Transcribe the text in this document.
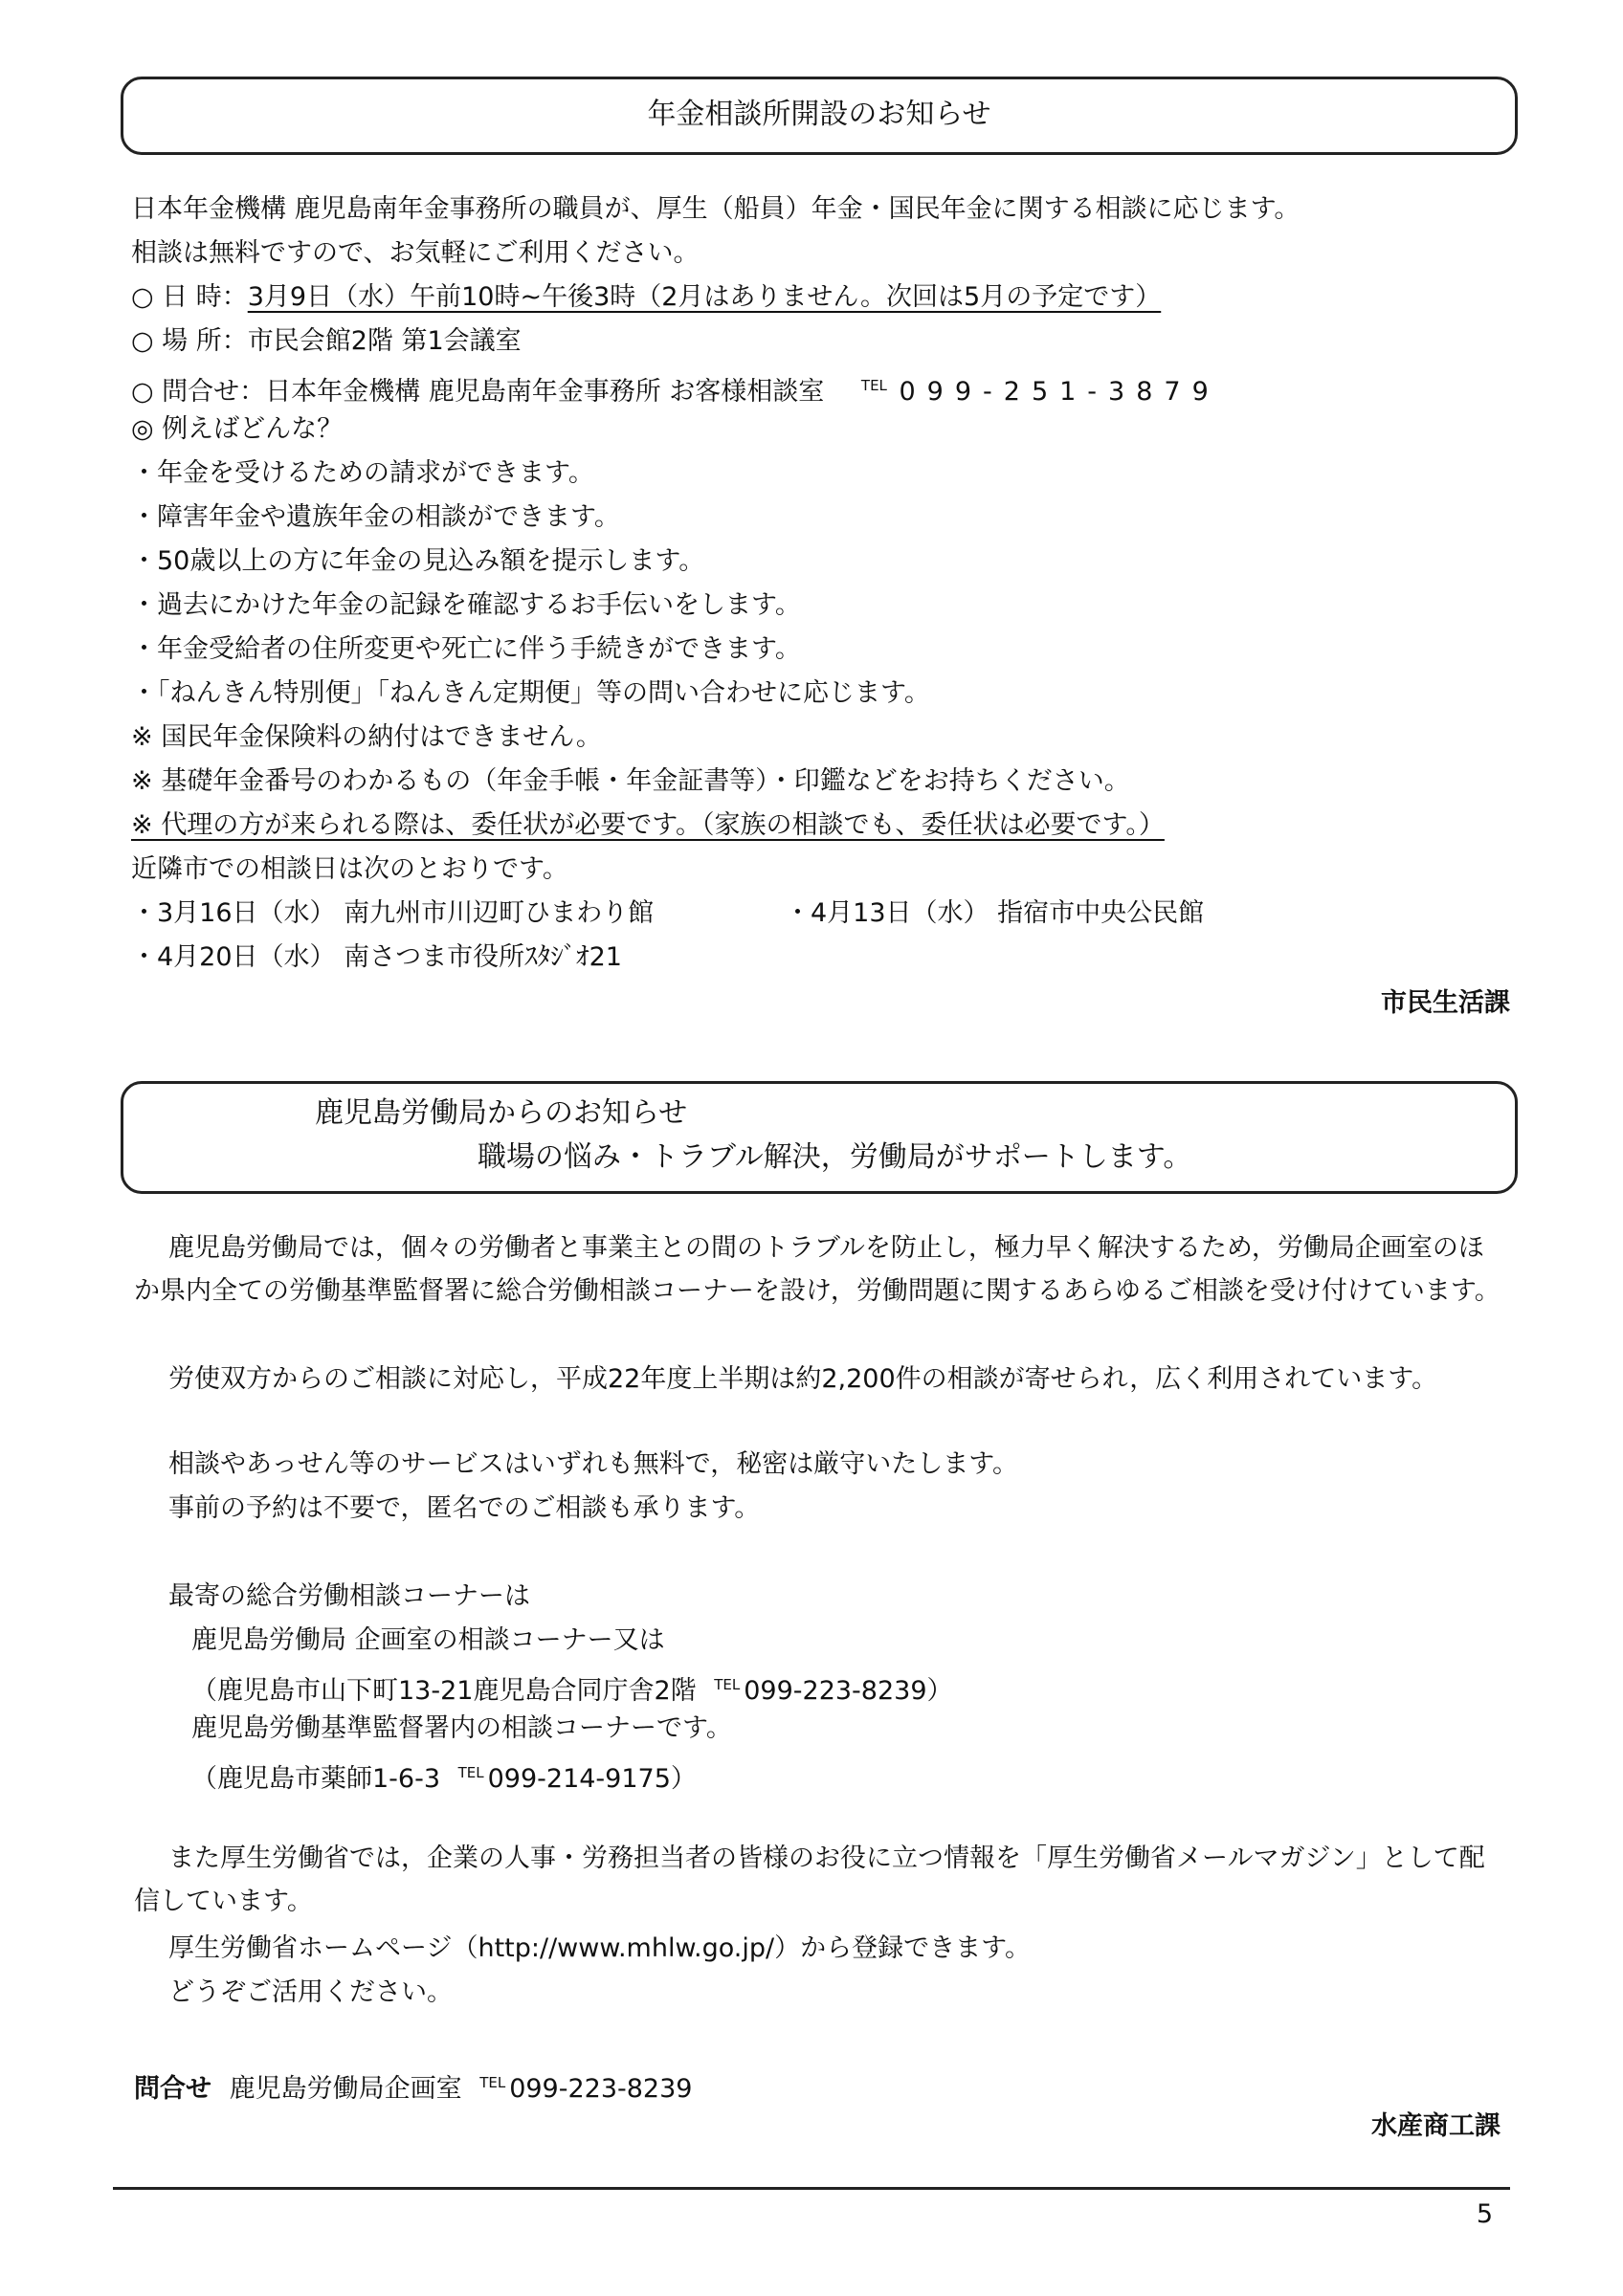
年金相談所開設のお知らせ
日本年金機構 鹿児島南年金事務所の職員が、厚生（船員）年金・国民年金に関する相談に応じます。
相談は無料ですので、お気軽にご利用ください。
○ 日 時：3月9日（水）午前10時~午後3時（2月はありません。次回は5月の予定です）
○ 場 所：市民会館2階 第1会議室
○ 問合せ：日本年金機構 鹿児島南年金事務所 お客様相談室	$^{TEL}$ 099-251-3879
◎ 例えばどんな？
・年金を受けるための請求ができます。
・障害年金や遺族年金の相談ができます。
・50歳以上の方に年金の見込み額を提示します。
・過去にかけた年金の記録を確認するお手伝いをします。
・年金受給者の住所変更や死亡に伴う手続きができます。
・「ねんきん特別便」「ねんきん定期便」等の問い合わせに応じます。
※ 国民年金保険料の納付はできません。
※ 基礎年金番号のわかるもの（年金手帳・年金証書等）・印鑑などをお持ちください。
※ 代理の方が来られる際は、委任状が必要です。（家族の相談でも、委任状は必要です。）
近隣市での相談日は次のとおりです。
・3月16日（水） 南九州市川辺町ひまわり館	・4月13日（水） 指宿市中央公民館
・4月20日（水） 南さつま市役所ｽﾀｼﾞｵ21
市民生活課
鹿児島労働局からのお知らせ
職場の悩み・トラブル解決，労働局がサポートします。
鹿児島労働局では，個々の労働者と事業主との間のトラブルを防止し，極力早く解決するため，労働局企画室のほか県内全ての労働基準監督署に総合労働相談コーナーを設け，労働問題に関するあらゆるご相談を受け付けています。
労使双方からのご相談に対応し，平成22年度上半期は約2,200件の相談が寄せられ，広く利用されています。
相談やあっせん等のサービスはいずれも無料で，秘密は厳守いたします。
事前の予約は不要で，匿名でのご相談も承ります。
最寄の総合労働相談コーナーは
鹿児島労働局 企画室の相談コーナー又は
（鹿児島市山下町13-21鹿児島合同庁舎2階 $^{TEL}$ 099-223-8239）
鹿児島労働基準監督署内の相談コーナーです。
（鹿児島市薬師1-6-3 $^{TEL}$ 099-214-9175）
また厚生労働省では，企業の人事・労務担当者の皆様のお役に立つ情報を「厚生労働省メールマガジン」として配信しています。
厚生労働省ホームページ（http://www.mhlw.go.jp/）から登録できます。
どうぞご活用ください。
問合せ 鹿児島労働局企画室 $^{TEL}$ 099-223-8239
水産商工課
5
